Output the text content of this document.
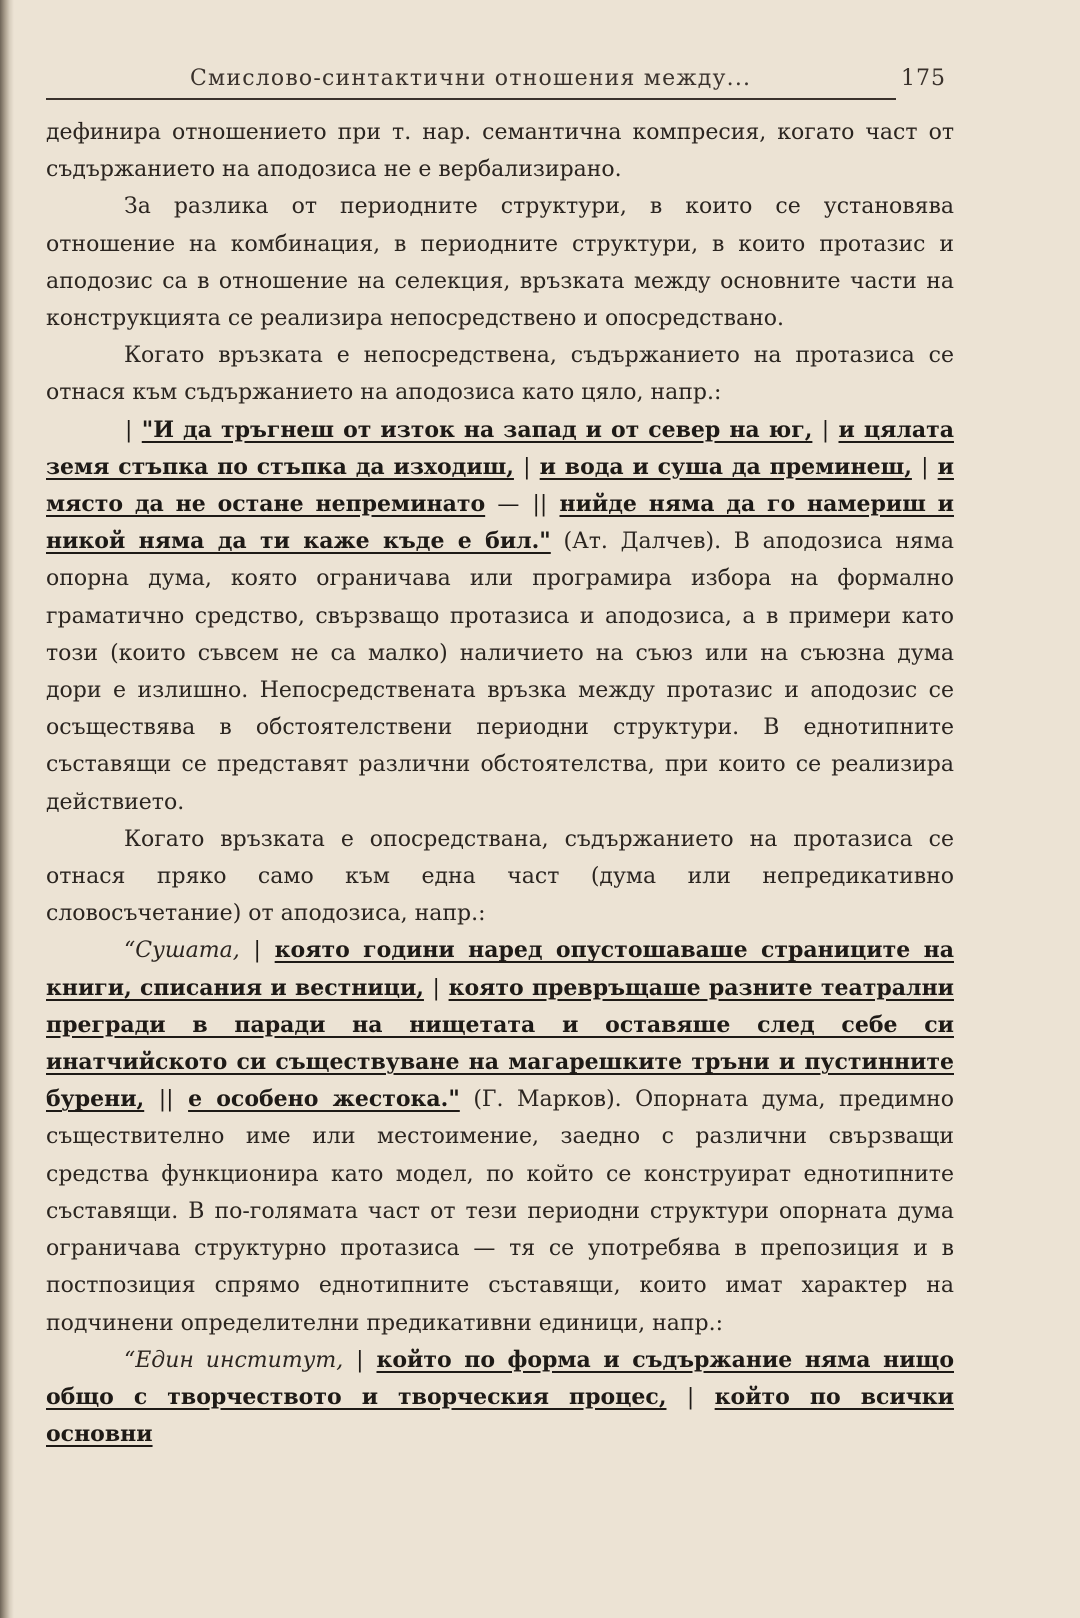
Смислово-синтактични отношения между...	175

дефинира отношението при т. нар. семантична компресия, когато част от съдържанието на аподозиса не е вербализирано.

За разлика от периодните структури, в които се установява отношение на комбинация, в периодните структури, в които протазис и аподозис са в отношение на селекция, връзката между основните части на конструкцията се реализира непосредствено и опосредствано.

Когато връзката е непосредствена, съдържанието на протазиса се отнася към съдържанието на аподозиса като цяло, напр.:

| "И да тръгнеш от изток на запад и от север на юг, | и цялата земя стъпка по стъпка да изходиш, | и вода и суша да преминеш, | и място да не остане непреминато — || нийде няма да го намериш и никой няма да ти каже къде е бил." (Ат. Далчев). В аподозиса няма опорна дума, която ограничава или програмира избора на формално граматично средство, свързващо протазиса и аподозиса, а в примери като този (които съвсем не са малко) наличието на съюз или на съюзна дума дори е излишно. Непосредствената връзка между протазис и аподозис се осъществява в обстоятелствени периодни структури. В еднотипните съставящи се представят различни обстоятелства, при които се реализира действието.

Когато връзката е опосредствана, съдържанието на протазиса се отнася пряко само към една част (дума или непредикативно словосъчетание) от аподозиса, напр.:

“Сушата, | която години наред опустошаваше страниците на книги, списания и вестници, | която превръщаше разните театрални прегради в паради на нищетата и оставяше след себе си инатчийското си съществуване на магарешките тръни и пустинните бурени, || е особено жестока." (Г. Марков). Опорната дума, предимно съществително име или местоимение, заедно с различни свързващи средства функционира като модел, по който се конструират еднотипните съставящи. В по-голямата част от тези периодни структури опорната дума ограничава структурно протазиса — тя се употребява в препозиция и в постпозиция спрямо еднотипните съставящи, които имат характер на подчинени определителни предикативни единици, напр.:

“Един институт, | който по форма и съдържание няма нищо общо с творчеството и творческия процес, | който по всички основни
